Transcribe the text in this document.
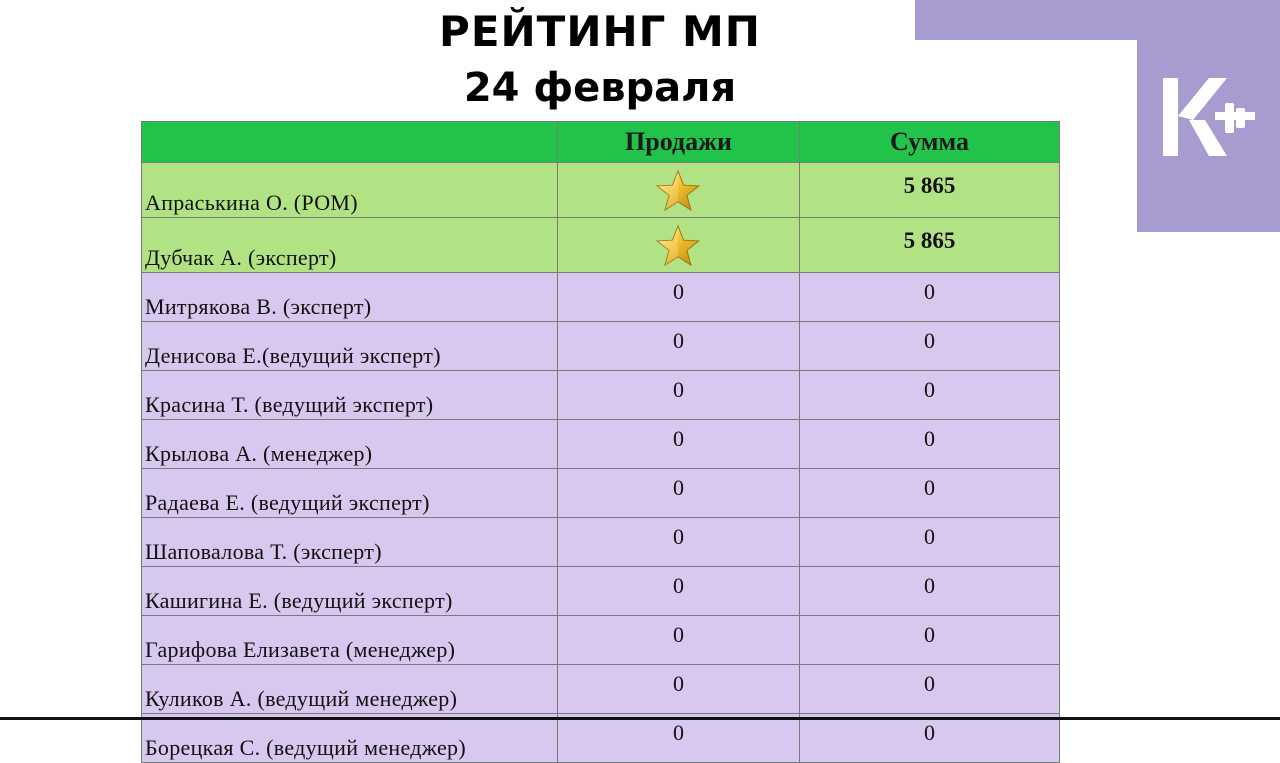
РЕЙТИНГ МП
24 февраля
	Продажи	Сумма
Апраськина О. (РОМ)		5 865
Дубчак А. (эксперт)		5 865
Митрякова В. (эксперт)	0	0
Денисова Е.(ведущий эксперт)	0	0
Красина Т. (ведущий эксперт)	0	0
Крылова А. (менеджер)	0	0
Радаева Е. (ведущий эксперт)	0	0
Шаповалова Т. (эксперт)	0	0
Кашигина Е. (ведущий эксперт)	0	0
Гарифова Елизавета (менеджер)	0	0
Куликов А. (ведущий менеджер)	0	0
Борецкая С. (ведущий менеджер)	0	0
